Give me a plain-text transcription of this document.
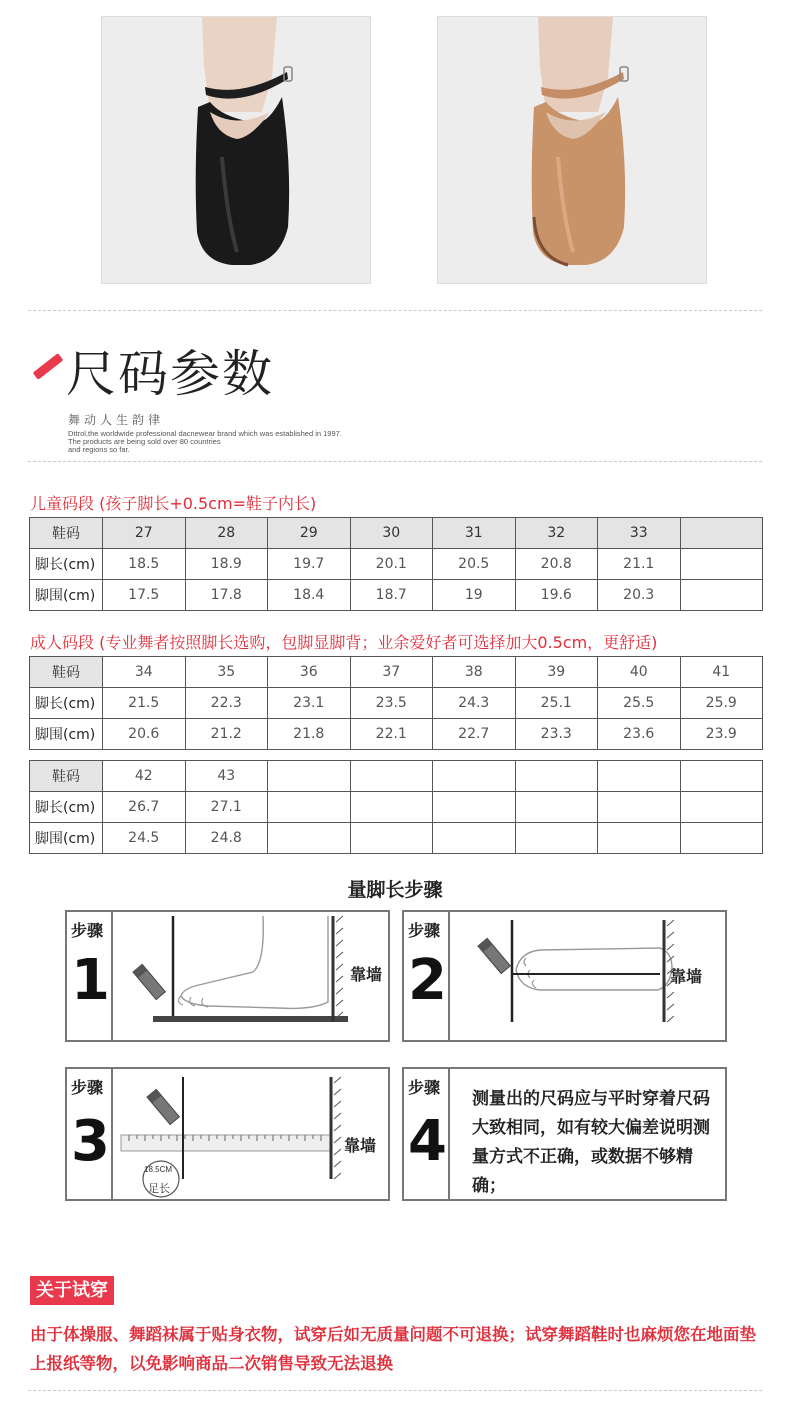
尺码参数
舞动人生韵律
Dttrol,the worldwide professional dacnewear brand which was established in 1997.
The products are being sold over 80 countries
and regions so far.
儿童码段 (孩子脚长+0.5cm=鞋子内长)
鞋码	27	28	29	30	31	32	33	
脚长(cm)	18.5	18.9	19.7	20.1	20.5	20.8	21.1	
脚围(cm)	17.5	17.8	18.4	18.7	19	19.6	20.3	
成人码段 (专业舞者按照脚长选购，包脚显脚背；业余爱好者可选择加大0.5cm，更舒适)
鞋码	34	35	36	37	38	39	40	41
脚长(cm)	21.5	22.3	23.1	23.5	24.3	25.1	25.5	25.9
脚围(cm)	20.6	21.2	21.8	22.1	22.7	23.3	23.6	23.9
鞋码	42	43						
脚长(cm)	26.7	27.1						
脚围(cm)	24.5	24.8						
量脚长步骤
步骤
1	靠墙
步骤
2	靠墙
步骤
3	18.5CM
足长
靠墙
步骤
4
测量出的尺码应与平时穿着尺码大致相同，如有较大偏差说明测量方式不正确，或数据不够精确；
关于试穿
由于体操服、舞蹈袜属于贴身衣物，试穿后如无质量问题不可退换；试穿舞蹈鞋时也麻烦您在地面垫上报纸等物，以免影响商品二次销售导致无法退换
